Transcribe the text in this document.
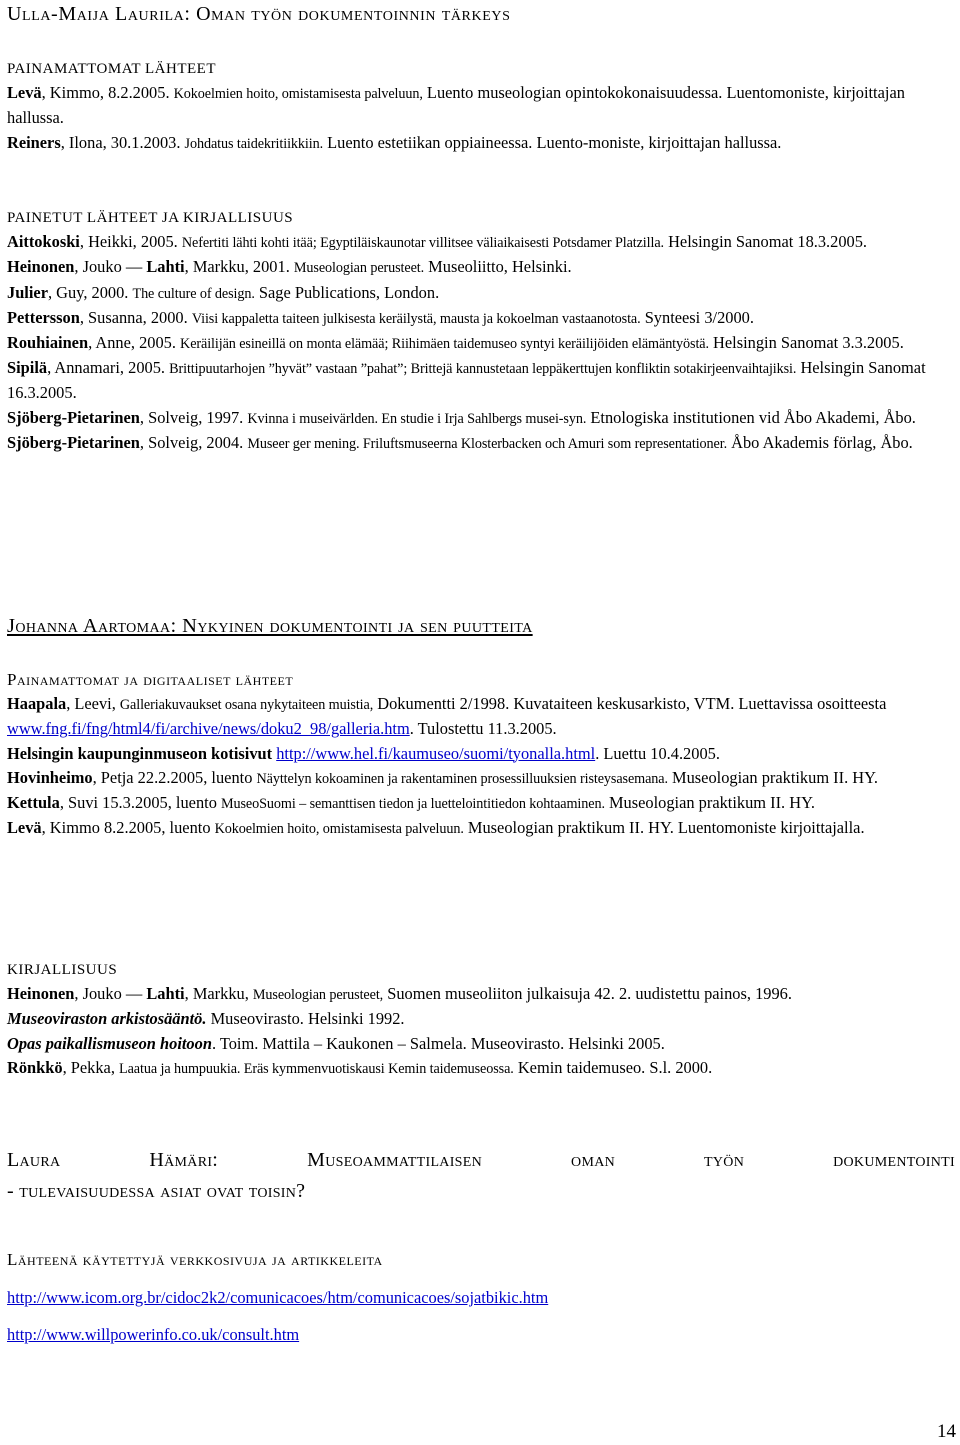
Ulla-Maija Laurila: Oman työn dokumentoinnin tärkeys

PAINAMATTOMAT LÄHTEET

Levä, Kimmo, 8.2.2005. Kokoelmien hoito, omistamisesta palveluun, Luento museologian opintokokonaisuudessa. Luentomoniste, kirjoittajan hallussa.

Reiners, Ilona, 30.1.2003. Johdatus taidekritiikkiin. Luento estetiikan oppiaineessa. Luento-moniste, kirjoittajan hallussa.

PAINETUT LÄHTEET JA KIRJALLISUUS

Aittokoski, Heikki, 2005. Nefertiti lähti kohti itää; Egyptiläiskaunotar villitsee väliaikaisesti Potsdamer Platzilla. Helsingin Sanomat 18.3.2005.

Heinonen, Jouko — Lahti, Markku, 2001. Museologian perusteet. Museoliitto, Helsinki.

Julier, Guy, 2000. The culture of design. Sage Publications, London.

Pettersson, Susanna, 2000. Viisi kappaletta taiteen julkisesta keräilystä, mausta ja kokoelman vastaanotosta. Synteesi 3/2000.

Rouhiainen, Anne, 2005. Keräilijän esineillä on monta elämää; Riihimäen taidemuseo syntyi keräilijöiden elämäntyöstä. Helsingin Sanomat 3.3.2005.

Sipilä, Annamari, 2005. Brittipuutarhojen ”hyvät” vastaan ”pahat”; Brittejä kannustetaan leppäkerttujen konfliktin sotakirjeenvaihtajiksi. Helsingin Sanomat 16.3.2005.

Sjöberg-Pietarinen, Solveig, 1997. Kvinna i museivärlden. En studie i Irja Sahlbergs musei-syn. Etnologiska institutionen vid Åbo Akademi, Åbo.

Sjöberg-Pietarinen, Solveig, 2004. Museer ger mening. Friluftsmuseerna Klosterbacken och Amuri som representationer. Åbo Akademis förlag, Åbo.

Johanna Aartomaa: Nykyinen dokumentointi ja sen puutteita

Painamattomat ja digitaaliset lähteet

Haapala, Leevi, Galleriakuvaukset osana nykytaiteen muistia, Dokumentti 2/1998. Kuvataiteen keskusarkisto, VTM. Luettavissa osoitteesta www.fng.fi/fng/html4/fi/archive/news/doku2_98/galleria.htm. Tulostettu 11.3.2005.

Helsingin kaupunginmuseon kotisivut http://www.hel.fi/kaumuseo/suomi/tyonalla.html. Luettu 10.4.2005.

Hovinheimo, Petja 22.2.2005, luento Näyttelyn kokoaminen ja rakentaminen prosessilluuksien risteysasemana. Museologian praktikum II. HY.

Kettula, Suvi 15.3.2005, luento MuseoSuomi – semanttisen tiedon ja luettelointitiedon kohtaaminen. Museologian praktikum II. HY.

Levä, Kimmo 8.2.2005, luento Kokoelmien hoito, omistamisesta palveluun. Museologian praktikum II. HY. Luentomoniste kirjoittajalla.

KIRJALLISUUS

Heinonen, Jouko — Lahti, Markku, Museologian perusteet, Suomen museoliiton julkaisuja 42. 2. uudistettu painos, 1996.

Museoviraston arkistosääntö. Museovirasto. Helsinki 1992.

Opas paikallismuseon hoitoon. Toim. Mattila – Kaukonen – Salmela. Museovirasto. Helsinki 2005.

Rönkkö, Pekka, Laatua ja humpuukia. Eräs kymmenvuotiskausi Kemin taidemuseossa. Kemin taidemuseo. S.l. 2000.

Laura	Hämäri:	Museoammattilaisen	oman	työn	dokumentointi

- tulevaisuudessa asiat ovat toisin?

Lähteenä käytettyjä verkkosivuja ja artikkeleita

http://www.icom.org.br/cidoc2k2/comunicacoes/htm/comunicacoes/sojatbikic.htm

http://www.willpowerinfo.co.uk/consult.htm

14
